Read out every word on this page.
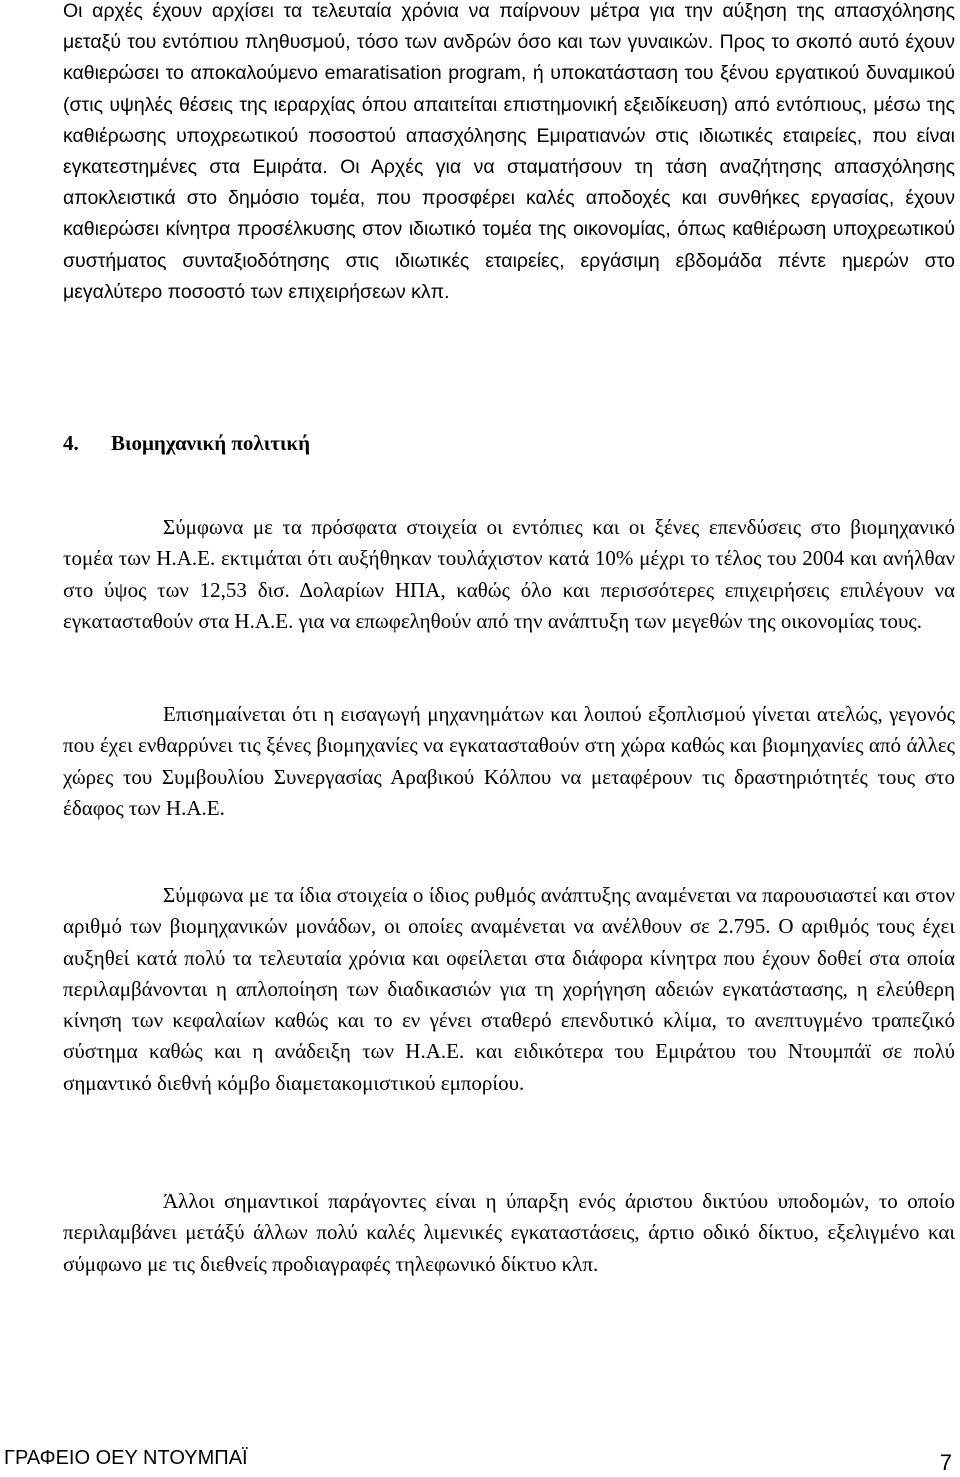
Οι αρχές έχουν αρχίσει τα τελευταία χρόνια να παίρνουν μέτρα για την αύξηση της απασχόλησης μεταξύ του εντόπιου πληθυσμού, τόσο των ανδρών όσο και των γυναικών. Προς το σκοπό αυτό έχουν καθιερώσει το αποκαλούμενο emaratisation program, ή υποκατάσταση του ξένου εργατικού δυναμικού (στις υψηλές θέσεις της ιεραρχίας όπου απαιτείται επιστημονική εξειδίκευση) από εντόπιους, μέσω της καθιέρωσης υποχρεωτικού ποσοστού απασχόλησης Εμιρατιανών στις ιδιωτικές εταιρείες, που είναι εγκατεστημένες στα Εμιράτα. Οι Αρχές για να σταματήσουν τη τάση αναζήτησης απασχόλησης αποκλειστικά στο δημόσιο τομέα, που προσφέρει καλές αποδοχές και συνθήκες εργασίας, έχουν καθιερώσει κίνητρα προσέλκυσης στον ιδιωτικό τομέα της οικονομίας, όπως καθιέρωση υποχρεωτικού συστήματος συνταξιοδότησης στις ιδιωτικές εταιρείες, εργάσιμη εβδομάδα πέντε ημερών στο μεγαλύτερο ποσοστό των επιχειρήσεων κλπ.

4. Βιομηχανική πολιτική

Σύμφωνα με τα πρόσφατα στοιχεία οι εντόπιες και οι ξένες επενδύσεις στο βιομηχανικό τομέα των Η.Α.Ε. εκτιμάται ότι αυξήθηκαν τουλάχιστον κατά 10% μέχρι το τέλος του 2004 και ανήλθαν στο ύψος των 12,53 δισ. Δολαρίων ΗΠΑ, καθώς όλο και περισσότερες επιχειρήσεις επιλέγουν να εγκατασταθούν στα Η.Α.Ε. για να επωφεληθούν από την ανάπτυξη των μεγεθών της οικονομίας τους.

Επισημαίνεται ότι η εισαγωγή μηχανημάτων και λοιπού εξοπλισμού γίνεται ατελώς, γεγονός που έχει ενθαρρύνει τις ξένες βιομηχανίες να εγκατασταθούν στη χώρα καθώς και βιομηχανίες από άλλες χώρες του Συμβουλίου Συνεργασίας Αραβικού Κόλπου να μεταφέρουν τις δραστηριότητές τους στο έδαφος των Η.Α.Ε.

Σύμφωνα με τα ίδια στοιχεία ο ίδιος ρυθμός ανάπτυξης αναμένεται να παρουσιαστεί και στον αριθμό των βιομηχανικών μονάδων, οι οποίες αναμένεται να ανέλθουν σε 2.795. Ο αριθμός τους έχει αυξηθεί κατά πολύ τα τελευταία χρόνια και οφείλεται στα διάφορα κίνητρα που έχουν δοθεί στα οποία περιλαμβάνονται η απλοποίηση των διαδικασιών για τη χορήγηση αδειών εγκατάστασης, η ελεύθερη κίνηση των κεφαλαίων καθώς και το εν γένει σταθερό επενδυτικό κλίμα, το ανεπτυγμένο τραπεζικό σύστημα καθώς και η ανάδειξη των Η.Α.Ε. και ειδικότερα του Εμιράτου του Ντουμπάϊ σε πολύ σημαντικό διεθνή κόμβο διαμετακομιστικού εμπορίου.

Άλλοι σημαντικοί παράγοντες είναι η ύπαρξη ενός άριστου δικτύου υποδομών, το οποίο περιλαμβάνει μετάξύ άλλων πολύ καλές λιμενικές εγκαταστάσεις, άρτιο οδικό δίκτυο, εξελιγμένο και σύμφωνο με τις διεθνείς προδιαγραφές τηλεφωνικό δίκτυο κλπ.

ΓΡΑΦΕΙΟ ΟΕΥ ΝΤΟΥΜΠΑΪ	7
